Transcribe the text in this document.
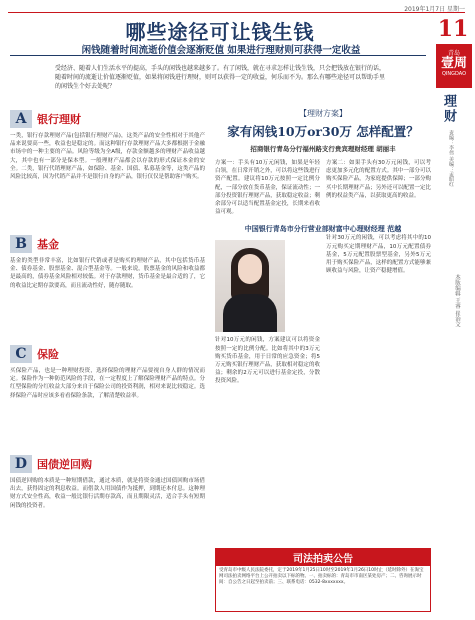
2019年1月7日 星期一
哪些途径可让钱生钱
闲钱随着时间流逝价值会逐渐贬值 如果进行理财则可获得一定收益
受经济、随着人们生活水平的提高，手头的闲钱也越来越多了。有了闲钱，就在寻求怎样让钱生钱，只会把钱放在银行的话，随着时间的流逝让价值逐渐贬值，如果将闲钱进行理财，则可以获得一定的收益，何乐而不为。那么有哪些途径可以帮助手里的闲钱生个好去处呢？
11
青岛
壹周
QINGDAO
理财
责编：李伟 美编：孟昭红
本版编辑 王睿 崔治文
A 银行理财
一类，银行存款理财产品(包括银行理财产品)，这类产品的安全性相对于其他产品来说要高一些，收益也是稳定的。而这种银行存款理财产品大多都根据于金融市场中的一种主要的产品。风险等级为全A级，存款金额越多的理财产品收益越大，其中也有一部分是保本型。一般理财产品都会以存款的形式保证本金的安全。二类，银行代销理财产品，如保险、基金、国债、私募基金等，这类产品的风险比较高，因为代销产品并不是银行自身的产品，银行仅仅是帮助客户购买。
B 基金
基金的类型非常丰富，比如银行代销或者是购买的理财产品，其中包括货币基金、债券基金、股票基金、混合型基金等。一般来说，股票基金的风险和收益都是最高的，债券基金风险相对较低。对于存款理财，货币基金是最合适的了，它的收益比定期存款要高，而且流动性好，随存随取。
C 保险
买保险产品，也是一种理财投资，选择保险的理财产品要视自身人群的情况而定。保险作为一种防范风险的手段，在一定程度上了解保险理财产品的特点。分红型保险的分红收益大部分来自于保险公司的投资利润，相对来说比较稳定。选择保险产品时应该多看看保险条款，了解清楚收益率。
D 国债逆回购
国债逆回购的本质是一种短期借款，通过本质，就是将资金通过国债回购市场借出去，获得固定的利息收益。而借款人用国债作为抵押，到期还本付息。这种理财方式安全性高，收益一般比银行活期存款高，而且期限灵活，适合手头有短期闲钱的投资者。
【理财方案】
家有闲钱10万or30万 怎样配置？
招商银行青岛分行福州路支行贵宾理财经理 胡丽丰
方案一：手头有10万元闲钱，如果是年轻白领，在日常开销之外，可以将这些钱进行资产配置。建议将10万元按照一定比例分配，一部分放在货币基金，保证流动性；一部分投资银行理财产品，获取稳定收益；剩余部分可以适当配置基金定投，长期来看收益可观。
方案二：如果手头有30万元闲钱，可以考虑更加多元化的配置方式。其中一部分可以购买保险产品，为家庭提供保障；一部分购买中长期理财产品；另外还可以配置一定比例的权益类产品，以获取更高的收益。
中国银行青岛市分行营业部财富中心理财经理 范越
针对10万元的闲钱，方案建议可以将资金按照一定的比例分配。比如将其中的3万元购买货币基金，用于日常的应急资金；将5万元购买银行理财产品，获取相对稳定的收益；剩余的2万元可以进行基金定投，分散投资风险。
针对30万元的闲钱，可以考虑将其中的10万元购买定期理财产品，10万元配置债券基金，5万元配置股票型基金，另外5万元用于购买保险产品，这样的配置方式能够兼顾收益与风险，让资产稳健增值。
司法拍卖公告
受青岛市中级人民法院委托，定于2019年1月25日10时至2019年1月26日10时止（延时除外）在淘宝网司法拍卖网络平台上公开拍卖以下标的物。一、拍卖标的：青岛市市南区某处房产；二、咨询展示时间：自公告之日起至拍卖前；三、联系电话：0532-8xxxxxxx。
